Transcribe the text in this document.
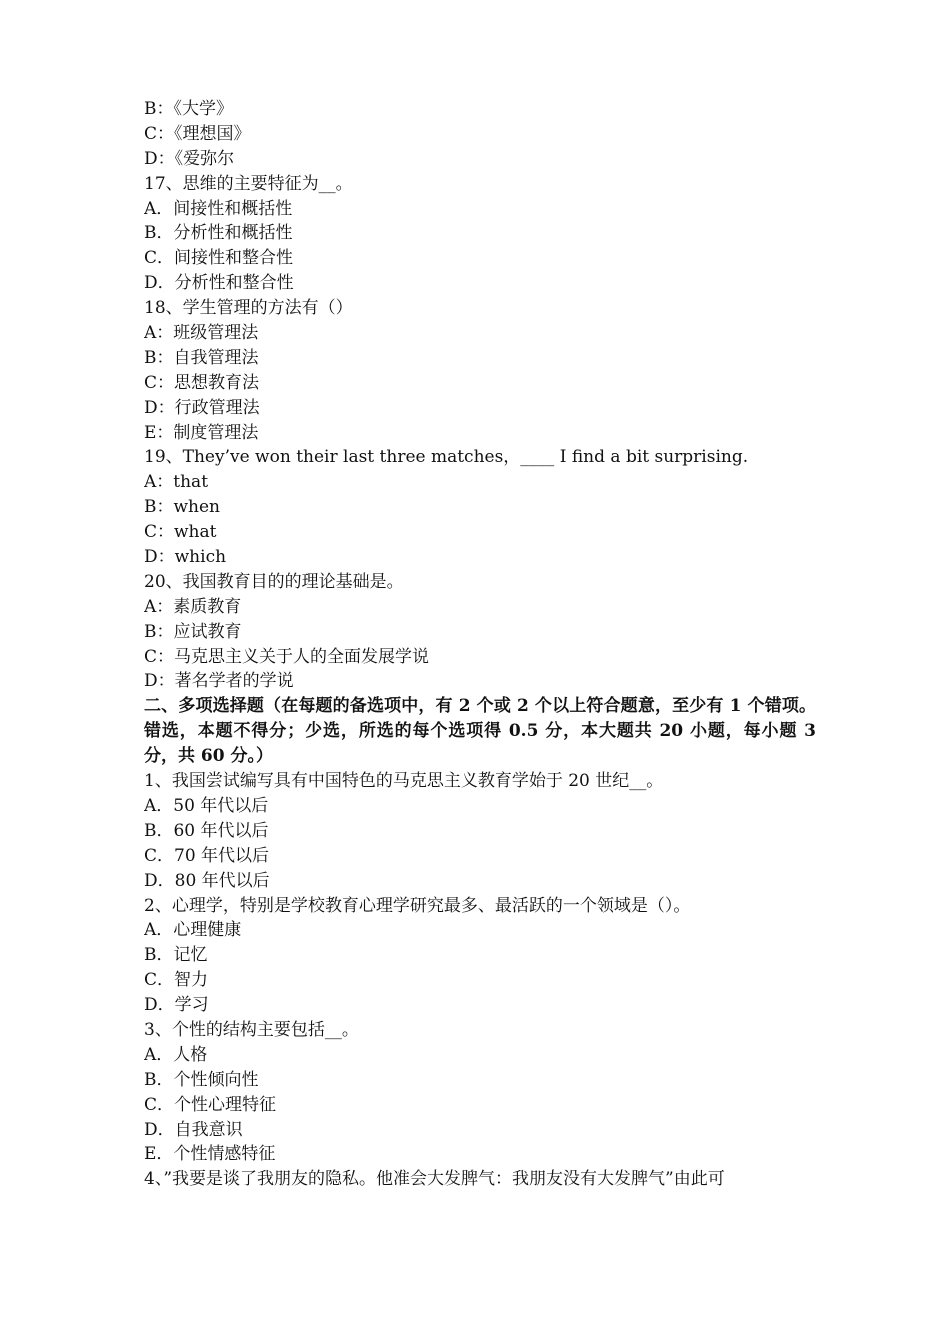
B：《大学》
C：《理想国》
D：《爱弥尔
17、思维的主要特征为__。
A．间接性和概括性
B．分析性和概括性
C．间接性和整合性
D．分析性和整合性
18、学生管理的方法有（）
A：班级管理法
B：自我管理法
C：思想教育法
D：行政管理法
E：制度管理法
19、They’ve won their last three matches，____ I find a bit surprising.
A：that
B：when
C：what
D：which
20、我国教育目的的理论基础是。
A：素质教育
B：应试教育
C：马克思主义关于人的全面发展学说
D：著名学者的学说
二、多项选择题（在每题的备选项中，有 2 个或 2 个以上符合题意，至少有 1 个错项。错选，本题不得分；少选，所选的每个选项得 0.5 分，本大题共 20 小题，每小题 3 分，共 60 分。）
1、我国尝试编写具有中国特色的马克思主义教育学始于 20 世纪__。
A．50 年代以后
B．60 年代以后
C．70 年代以后
D．80 年代以后
2、心理学，特别是学校教育心理学研究最多、最活跃的一个领域是（）。
A．心理健康
B．记忆
C．智力
D．学习
3、个性的结构主要包括__。
A．人格
B．个性倾向性
C．个性心理特征
D．自我意识
E．个性情感特征
4、”我要是谈了我朋友的隐私。他准会大发脾气：我朋友没有大发脾气”由此可
